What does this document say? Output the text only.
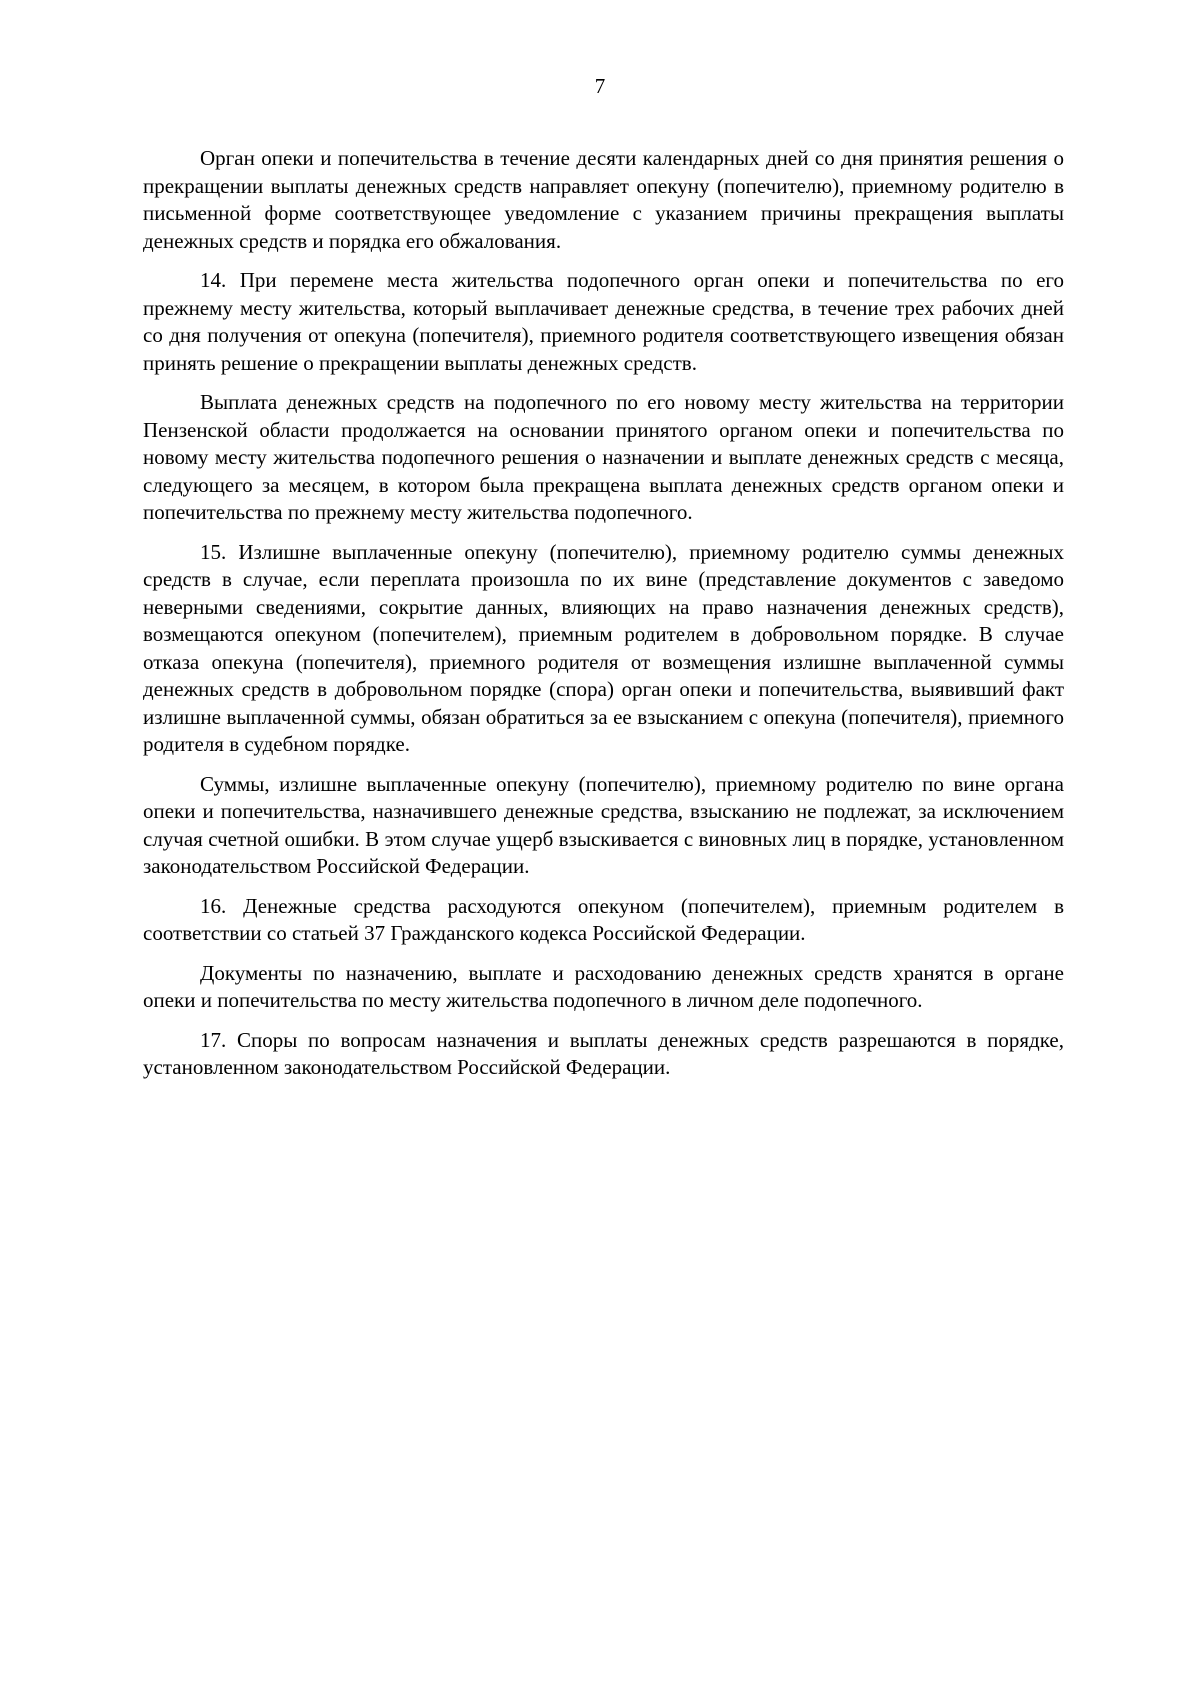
7

Орган опеки и попечительства в течение десяти календарных дней со дня принятия решения о прекращении выплаты денежных средств направляет опекуну (попечителю), приемному родителю в письменной форме соответствующее уведомление с указанием причины прекращения выплаты денежных средств и порядка его обжалования.

14. При перемене места жительства подопечного орган опеки и попечительства по его прежнему месту жительства, который выплачивает денежные средства, в течение трех рабочих дней со дня получения от опекуна (попечителя), приемного родителя соответствующего извещения обязан принять решение о прекращении выплаты денежных средств.

Выплата денежных средств на подопечного по его новому месту жительства на территории Пензенской области продолжается на основании принятого органом опеки и попечительства по новому месту жительства подопечного решения о назначении и выплате денежных средств с месяца, следующего за месяцем, в котором была прекращена выплата денежных средств органом опеки и попечительства по прежнему месту жительства подопечного.

15. Излишне выплаченные опекуну (попечителю), приемному родителю суммы денежных средств в случае, если переплата произошла по их вине (представление документов с заведомо неверными сведениями, сокрытие данных, влияющих на право назначения денежных средств), возмещаются опекуном (попечителем), приемным родителем в добровольном порядке. В случае отказа опекуна (попечителя), приемного родителя от возмещения излишне выплаченной суммы денежных средств в добровольном порядке (спора) орган опеки и попечительства, выявивший факт излишне выплаченной суммы, обязан обратиться за ее взысканием с опекуна (попечителя), приемного родителя в судебном порядке.

Суммы, излишне выплаченные опекуну (попечителю), приемному родителю по вине органа опеки и попечительства, назначившего денежные средства, взысканию не подлежат, за исключением случая счетной ошибки. В этом случае ущерб взыскивается с виновных лиц в порядке, установленном законодательством Российской Федерации.

16. Денежные средства расходуются опекуном (попечителем), приемным родителем в соответствии со статьей 37 Гражданского кодекса Российской Федерации.

Документы по назначению, выплате и расходованию денежных средств хранятся в органе опеки и попечительства по месту жительства подопечного в личном деле подопечного.

17. Споры по вопросам назначения и выплаты денежных средств разрешаются в порядке, установленном законодательством Российской Федерации.
